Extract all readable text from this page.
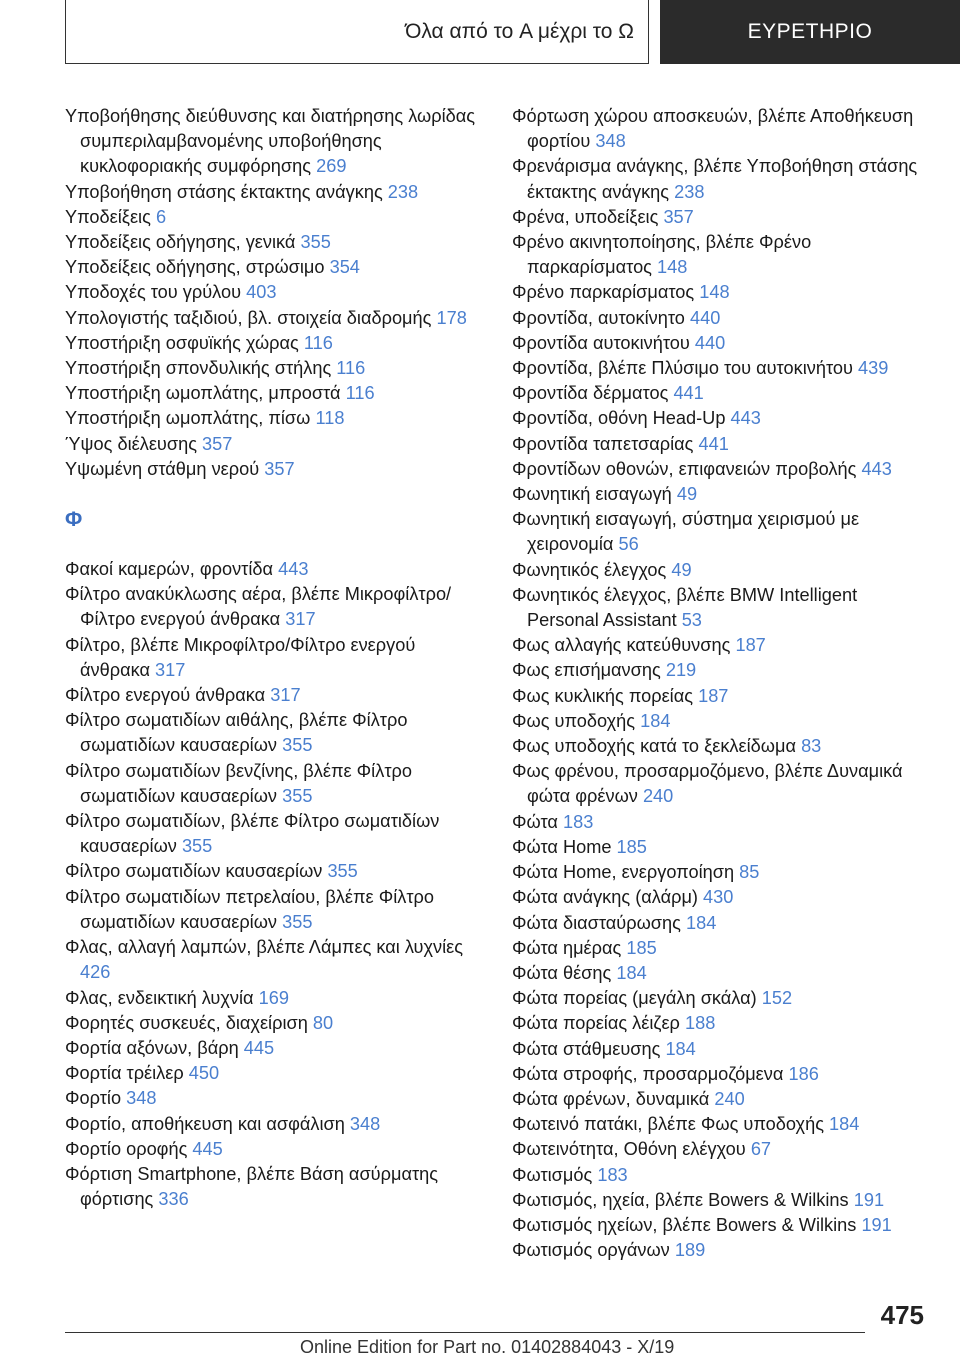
Όλα από το A μέχρι το Ω	ΕΥΡΕΤΗΡΙΟ
Υποβοήθησης διεύθυνσης και διατήρησης λωρίδας συμπεριλαμβανομένης υποβοήθησης κυκλοφοριακής συμφόρησης 269
Υποβοήθηση στάσης έκτακτης ανάγκης 238
Υποδείξεις 6
Υποδείξεις οδήγησης, γενικά 355
Υποδείξεις οδήγησης, στρώσιμο 354
Υποδοχές του γρύλου 403
Υπολογιστής ταξιδιού, βλ. στοιχεία διαδρομής 178
Υποστήριξη οσφυϊκής χώρας 116
Υποστήριξη σπονδυλικής στήλης 116
Υποστήριξη ωμοπλάτης, μπροστά 116
Υποστήριξη ωμοπλάτης, πίσω 118
Ύψος διέλευσης 357
Υψωμένη στάθμη νερού 357
Φ
Φακοί καμερών, φροντίδα 443
Φίλτρο ανακύκλωσης αέρα, βλέπε Μικροφίλτρο/Φίλτρο ενεργού άνθρακα 317
Φίλτρο, βλέπε Μικροφίλτρο/Φίλτρο ενεργού άνθρακα 317
Φίλτρο ενεργού άνθρακα 317
Φίλτρο σωματιδίων αιθάλης, βλέπε Φίλτρο σωματιδίων καυσαερίων 355
Φίλτρο σωματιδίων βενζίνης, βλέπε Φίλτρο σωματιδίων καυσαερίων 355
Φίλτρο σωματιδίων, βλέπε Φίλτρο σωματιδίων καυσαερίων 355
Φίλτρο σωματιδίων καυσαερίων 355
Φίλτρο σωματιδίων πετρελαίου, βλέπε Φίλτρο σωματιδίων καυσαερίων 355
Φλας, αλλαγή λαμπών, βλέπε Λάμπες και λυχνίες 426
Φλας, ενδεικτική λυχνία 169
Φορητές συσκευές, διαχείριση 80
Φορτία αξόνων, βάρη 445
Φορτία τρέιλερ 450
Φορτίο 348
Φορτίο, αποθήκευση και ασφάλιση 348
Φορτίο οροφής 445
Φόρτιση Smartphone, βλέπε Βάση ασύρματης φόρτισης 336
Φόρτωση χώρου αποσκευών, βλέπε Αποθήκευση φορτίου 348
Φρενάρισμα ανάγκης, βλέπε Υποβοήθηση στάσης έκτακτης ανάγκης 238
Φρένα, υποδείξεις 357
Φρένο ακινητοποίησης, βλέπε Φρένο παρκαρίσματος 148
Φρένο παρκαρίσματος 148
Φροντίδα, αυτοκίνητο 440
Φροντίδα αυτοκινήτου 440
Φροντίδα, βλέπε Πλύσιμο του αυτοκινήτου 439
Φροντίδα δέρματος 441
Φροντίδα, οθόνη Head-Up 443
Φροντίδα ταπετσαρίας 441
Φροντίδων οθονών, επιφανειών προβολής 443
Φωνητική εισαγωγή 49
Φωνητική εισαγωγή, σύστημα χειρισμού με χειρονομία 56
Φωνητικός έλεγχος 49
Φωνητικός έλεγχος, βλέπε BMW Intelligent Personal Assistant 53
Φως αλλαγής κατεύθυνσης 187
Φως επισήμανσης 219
Φως κυκλικής πορείας 187
Φως υποδοχής 184
Φως υποδοχής κατά το ξεκλείδωμα 83
Φως φρένου, προσαρμοζόμενο, βλέπε Δυναμικά φώτα φρένων 240
Φώτα 183
Φώτα Home 185
Φώτα Home, ενεργοποίηση 85
Φώτα ανάγκης (αλάρμ) 430
Φώτα διασταύρωσης 184
Φώτα ημέρας 185
Φώτα θέσης 184
Φώτα πορείας (μεγάλη σκάλα) 152
Φώτα πορείας λέιζερ 188
Φώτα στάθμευσης 184
Φώτα στροφής, προσαρμοζόμενα 186
Φώτα φρένων, δυναμικά 240
Φωτεινό πατάκι, βλέπε Φως υποδοχής 184
Φωτεινότητα, Οθόνη ελέγχου 67
Φωτισμός 183
Φωτισμός, ηχεία, βλέπε Bowers & Wilkins 191
Φωτισμός ηχείων, βλέπε Bowers & Wilkins 191
Φωτισμός οργάνων 189
475
Online Edition for Part no. 01402884043 - X/19
